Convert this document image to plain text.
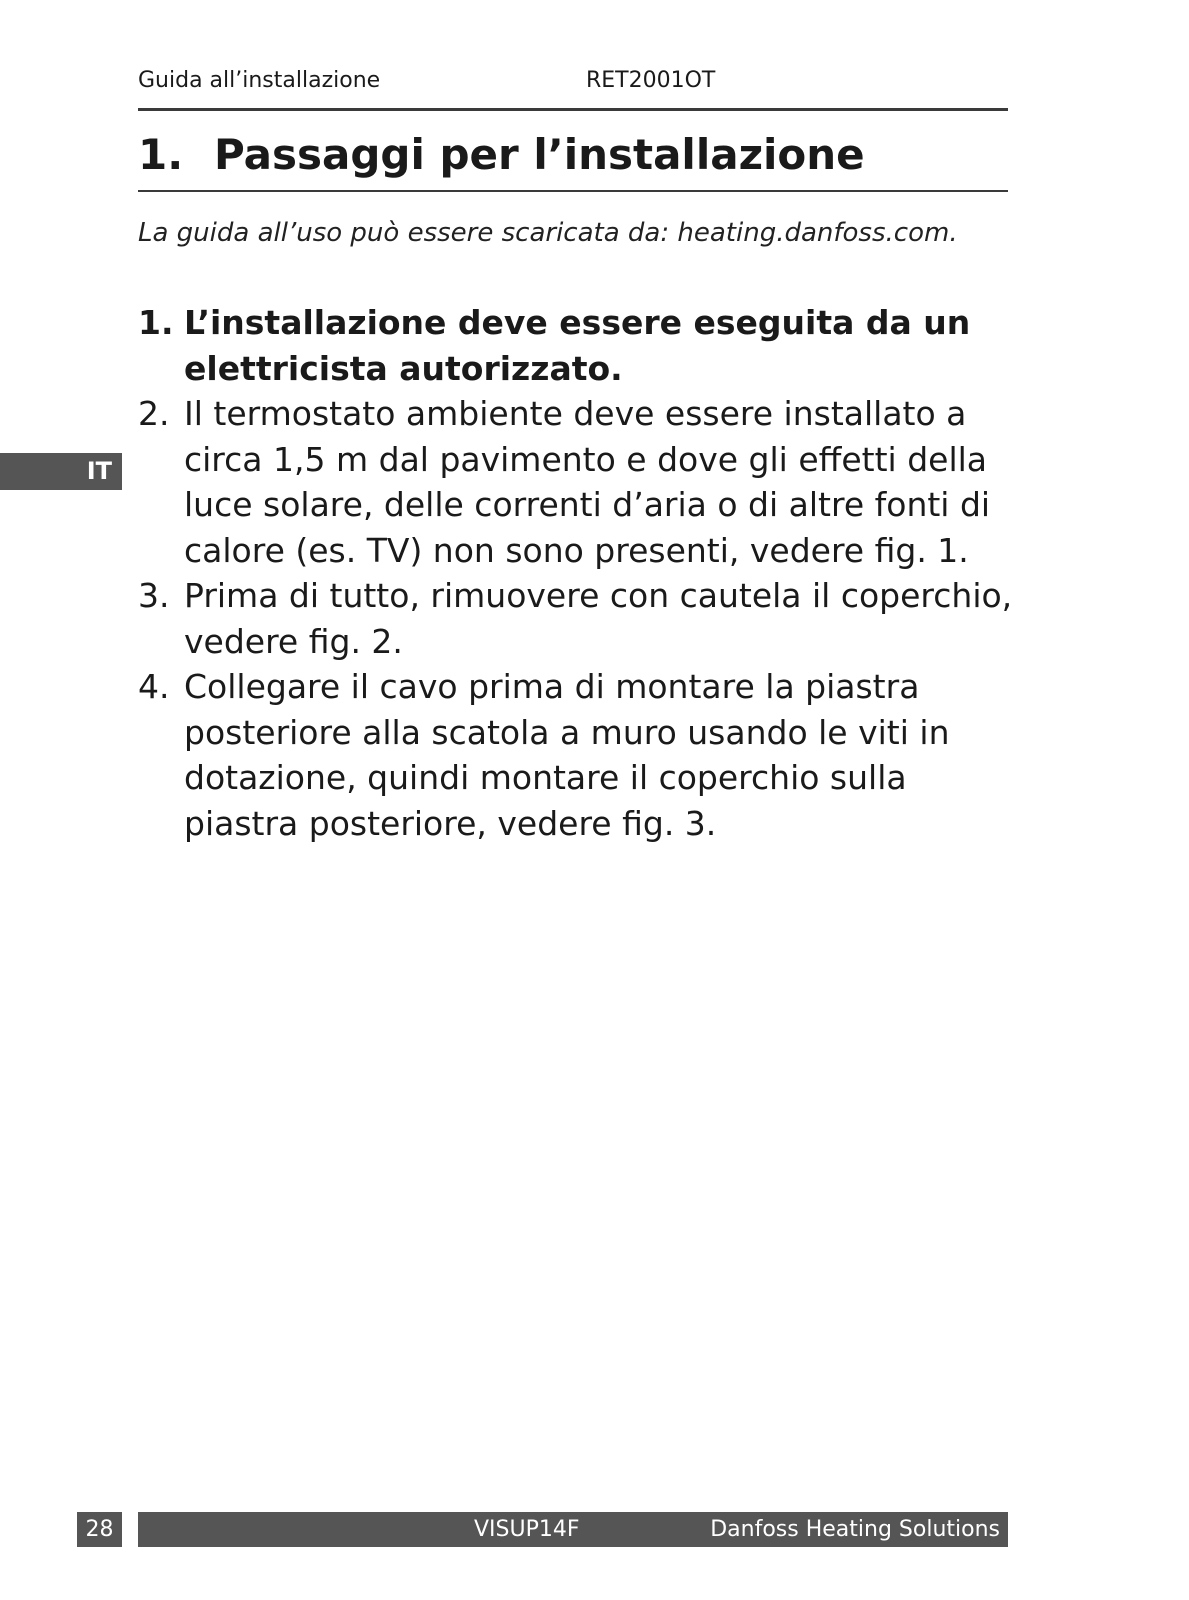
Guida all’installazione	RET2001OT
1. Passaggi per l’installazione
La guida all’uso può essere scaricata da: heating.danfoss.com.
1. L’installazione deve essere eseguita da un elettricista autorizzato.
2. Il termostato ambiente deve essere installato a circa 1,5 m dal pavimento e dove gli effetti della luce solare, delle correnti d’aria o di altre fonti di calore (es. TV) non sono presenti, vedere fig. 1.
3. Prima di tutto, rimuovere con cautela il coperchio, vedere fig. 2.
4. Collegare il cavo prima di montare la piastra posteriore alla scatola a muro usando le viti in dotazione, quindi montare il coperchio sulla piastra posteriore, vedere fig. 3.
IT
28	VISUP14F	Danfoss Heating Solutions
